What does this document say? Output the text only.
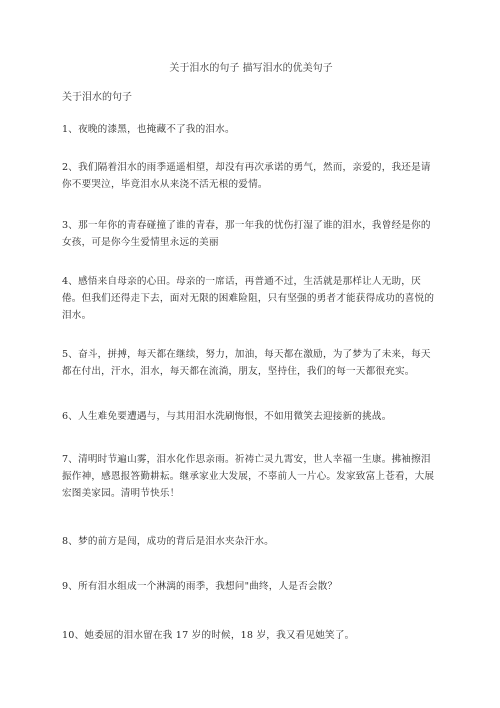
关于泪水的句子 描写泪水的优美句子
关于泪水的句子
1、夜晚的漆黑，也掩藏不了我的泪水。
2、我们隔着泪水的雨季遥遥相望，却没有再次承诺的勇气，然而，亲爱的，我还是请你不要哭泣，毕竟泪水从来浇不活无根的爱情。
3、那一年你的青春碰撞了谁的青春，那一年我的忧伤打湿了谁的泪水，我曾经是你的女孩，可是你今生爱情里永远的美丽
4、感悟来自母亲的心田。母亲的一席话，再普通不过，生活就是那样让人无助，厌倦。但我们还得走下去，面对无限的困难险阻，只有坚强的勇者才能获得成功的喜悦的泪水。
5、奋斗，拼搏，每天都在继续，努力，加油，每天都在激励，为了梦为了未来，每天都在付出，汗水，泪水，每天都在流淌，朋友，坚持住，我们的每一天都很充实。
6、人生难免要遭遇与，与其用泪水洗刷悔恨，不如用微笑去迎接新的挑战。
7、清明时节遍山雾，泪水化作思亲雨。祈祷亡灵九霄安，世人幸福一生康。拂袖擦泪振作神，感恩报答勤耕耘。继承家业大发展，不辜前人一片心。发家致富上苍看，大展宏图美家园。清明节快乐！
8、梦的前方是闯，成功的背后是泪水夹杂汗水。
9、所有泪水组成一个淋漓的雨季，我想问"曲终，人是否会散？
10、她委屈的泪水留在我 17 岁的时候，18 岁，我又看见她笑了。
